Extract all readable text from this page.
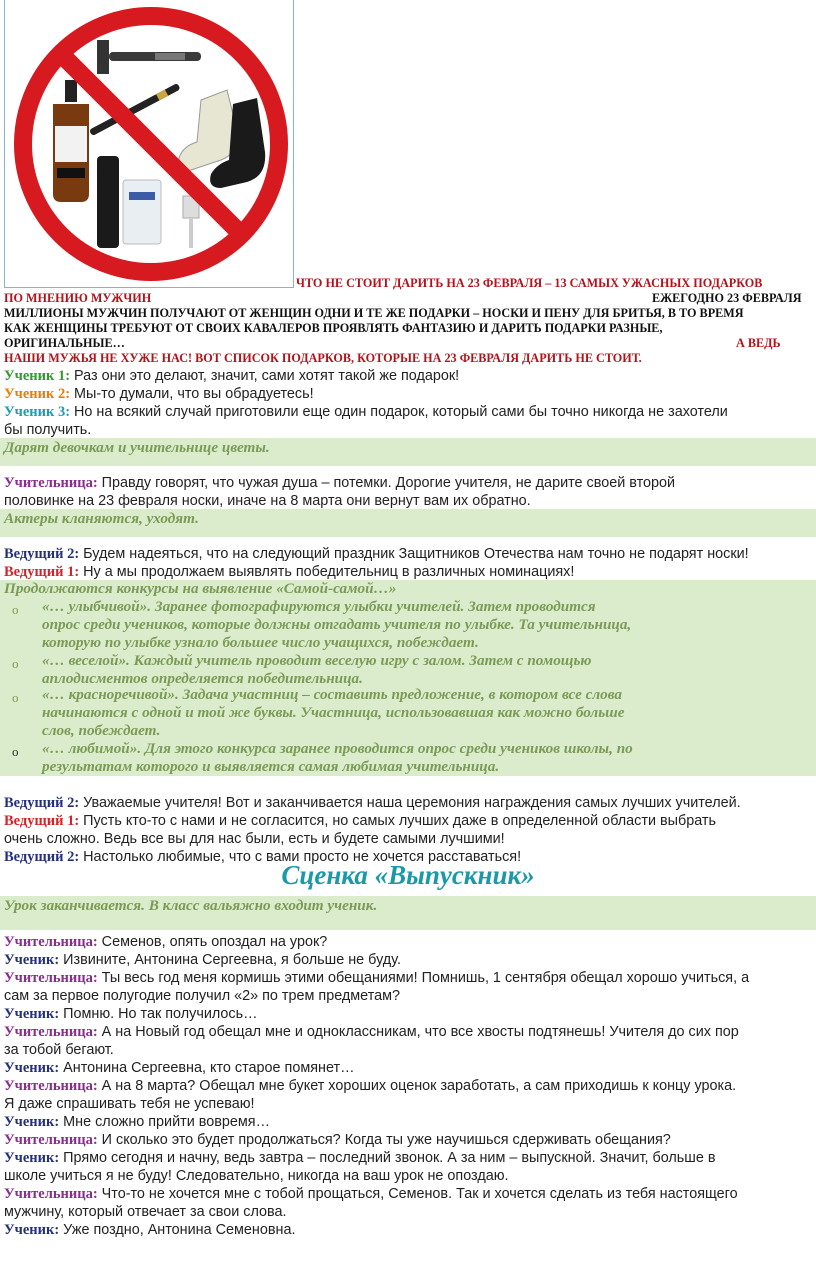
ЧТО НЕ СТОИТ ДАРИТЬ НА 23 ФЕВРАЛЯ – 13 САМЫХ УЖАСНЫХ ПОДАРКОВ
ПО МНЕНИЮ МУЖЧИН	ЕЖЕГОДНО 23 ФЕВРАЛЯ
МИЛЛИОНЫ МУЖЧИН ПОЛУЧАЮТ ОТ ЖЕНЩИН ОДНИ И ТЕ ЖЕ ПОДАРКИ – НОСКИ И ПЕНУ ДЛЯ БРИТЬЯ, В ТО ВРЕМЯ
КАК ЖЕНЩИНЫ ТРЕБУЮТ ОТ СВОИХ КАВАЛЕРОВ ПРОЯВЛЯТЬ ФАНТАЗИЮ И ДАРИТЬ ПОДАРКИ РАЗНЫЕ,
ОРИГИНАЛЬНЫЕ…	А ВЕДЬ
НАШИ МУЖЬЯ НЕ ХУЖЕ НАС! ВОТ СПИСОК ПОДАРКОВ, КОТОРЫЕ НА 23 ФЕВРАЛЯ ДАРИТЬ НЕ СТОИТ.
Ученик 1: Раз они это делают, значит, сами хотят такой же подарок!
Ученик 2: Мы-то думали, что вы обрадуетесь!
Ученик 3: Но на всякий случай приготовили еще один подарок, который сами бы точно никогда не захотели
бы получить.
Дарят девочкам и учительнице цветы.
Учительница: Правду говорят, что чужая душа – потемки. Дорогие учителя, не дарите своей второй
половинке на 23 февраля носки, иначе на 8 марта они вернут вам их обратно.
Актеры кланяются, уходят.
Ведущий 2: Будем надеяться, что на следующий праздник Защитников Отечества нам точно не подарят носки!
Ведущий 1: Ну а мы продолжаем выявлять победительниц в различных номинациях!
Продолжаются конкурсы на выявление «Самой-самой…»
o «… улыбчивой». Заранее фотографируются улыбки учителей. Затем проводится
опрос среди учеников, которые должны отгадать учителя по улыбке. Та учительница,
которую по улыбке узнало большее число учащихся, побеждает.
o «… веселой». Каждый учитель проводит веселую игру с залом. Затем с помощью
аплодисментов определяется победительница.
o «… красноречивой». Задача участниц – составить предложение, в котором все слова
начинаются с одной и той же буквы. Участница, использовавшая как можно больше
слов, побеждает.
o «… любимой». Для этого конкурса заранее проводится опрос среди учеников школы, по
результатам которого и выявляется самая любимая учительница.
Ведущий 2: Уважаемые учителя! Вот и заканчивается наша церемония награждения самых лучших учителей.
Ведущий 1: Пусть кто-то с нами и не согласится, но самых лучших даже в определенной области выбрать
очень сложно. Ведь все вы для нас были, есть и будете самыми лучшими!
Ведущий 2: Настолько любимые, что с вами просто не хочется расставаться!
Сценка «Выпускник»
Урок заканчивается. В класс вальяжно входит ученик.
Учительница: Семенов, опять опоздал на урок?
Ученик: Извините, Антонина Сергеевна, я больше не буду.
Учительница: Ты весь год меня кормишь этими обещаниями! Помнишь, 1 сентября обещал хорошо учиться, а
сам за первое полугодие получил «2» по трем предметам?
Ученик: Помню. Но так получилось…
Учительница: А на Новый год обещал мне и одноклассникам, что все хвосты подтянешь! Учителя до сих пор
за тобой бегают.
Ученик: Антонина Сергеевна, кто старое помянет…
Учительница: А на 8 марта? Обещал мне букет хороших оценок заработать, а сам приходишь к концу урока.
Я даже спрашивать тебя не успеваю!
Ученик: Мне сложно прийти вовремя…
Учительница: И сколько это будет продолжаться? Когда ты уже научишься сдерживать обещания?
Ученик: Прямо сегодня и начну, ведь завтра – последний звонок. А за ним – выпускной. Значит, больше в
школе учиться я не буду! Следовательно, никогда на ваш урок не опоздаю.
Учительница: Что-то не хочется мне с тобой прощаться, Семенов. Так и хочется сделать из тебя настоящего
мужчину, который отвечает за свои слова.
Ученик: Уже поздно, Антонина Семеновна.
